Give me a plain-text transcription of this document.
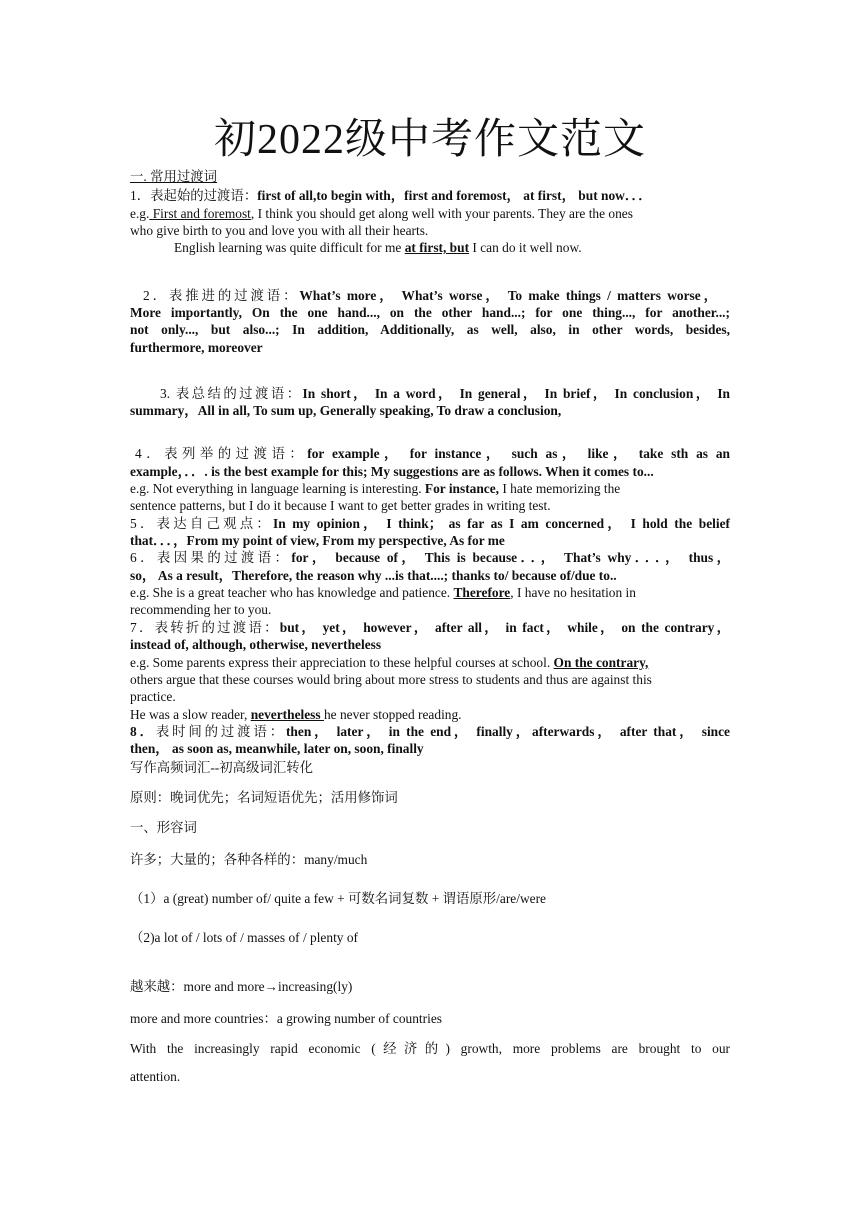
初2022级中考作文范文
一. 常用过渡词
1．表起始的过渡语：first of all,to begin with，first and foremost， at first， but now．．．
e.g. First and foremost, I think you should get along well with your parents. They are the ones
who give birth to you and love you with all their hearts.
English learning was quite difficult for me at first, but I can do it well now.
2．表推进的过渡语：What’s more， What’s worse， To make things / matters worse，
More importantly, On the one hand..., on the other hand...; for one thing..., for another...;
not only..., but also...; In addition, Additionally, as well, also, in other words, besides,
furthermore, moreover
3. 表总结的过渡语：In short， In a word， In general， In brief， In conclusion， In
summary，All in all, To sum up, Generally speaking, To draw a conclusion,
4．表列举的过渡语：for example， for instance， such as， like， take sth as an
example，．．. is the best example for this; My suggestions are as follows. When it comes to...
e.g. Not everything in language learning is interesting. For instance, I hate memorizing the
sentence patterns, but I do it because I want to get better grades in writing test.
5．表达自己观点：In my opinion， I think； as far as I am concerned， I hold the belief
that．．．，From my point of view, From my perspective, As for me
6．表因果的过渡语：for， because of， This is because．．， That’s why．．．， thus，
so， As a result，Therefore, the reason why ...is that....; thanks to/ because of/due to..
e.g. She is a great teacher who has knowledge and patience. Therefore, I have no hesitation in
recommending her to you.
7．表转折的过渡语：but， yet， however， after all， in fact， while， on the contrary，
instead of, although, otherwise, nevertheless
e.g. Some parents express their appreciation to these helpful courses at school. On the contrary,
others argue that these courses would bring about more stress to students and thus are against this
practice.
He was a slow reader, nevertheless he never stopped reading.
8．表时间的过渡语：then， later， in the end， finally，afterwards， after that， since
then， as soon as, meanwhile, later on, soon, finally
写作高频词汇--初高级词汇转化
原则：晚词优先；名词短语优先；活用修饰词
一、形容词
许多；大量的；各种各样的：many/much
（1）a (great) number of/ quite a few + 可数名词复数 + 谓语原形/are/were
（2)a lot of / lots of / masses of / plenty of
越来越：more and more→increasing(ly)
more and more countries：a growing number of countries
With the increasingly rapid economic (经济的) growth, more problems are brought to our
attention.
